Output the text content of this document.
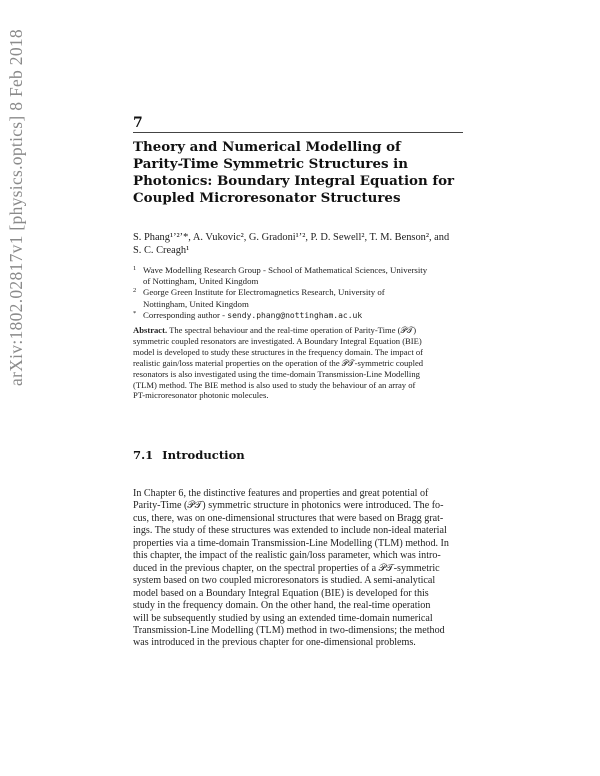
arXiv:1802.02817v1 [physics.optics] 8 Feb 2018	7
Theory and Numerical Modelling of
Parity-Time Symmetric Structures in
Photonics: Boundary Integral Equation for
Coupled Microresonator Structures
S. Phang¹ʼ²ʼ*, A. Vukovic², G. Gradoni¹ʼ², P. D. Sewell², T. M. Benson², and
S. C. Creagh¹
1 Wave Modelling Research Group - School of Mathematical Sciences, University
of Nottingham, United Kingdom
2 George Green Institute for Electromagnetics Research, University of
Nottingham, United Kingdom
* Corresponding author - sendy.phang@nottingham.ac.uk
Abstract. The spectral behaviour and the real-time operation of Parity-Time (𝒫𝒯)
symmetric coupled resonators are investigated. A Boundary Integral Equation (BIE)
model is developed to study these structures in the frequency domain. The impact of
realistic gain/loss material properties on the operation of the 𝒫𝒯-symmetric coupled
resonators is also investigated using the time-domain Transmission-Line Modelling
(TLM) method. The BIE method is also used to study the behaviour of an array of
PT-microresonator photonic molecules.
7.1 Introduction
In Chapter 6, the distinctive features and properties and great potential of
Parity-Time (𝒫𝒯) symmetric structure in photonics were introduced. The fo-
cus, there, was on one-dimensional structures that were based on Bragg grat-
ings. The study of these structures was extended to include non-ideal material
properties via a time-domain Transmission-Line Modelling (TLM) method. In
this chapter, the impact of the realistic gain/loss parameter, which was intro-
duced in the previous chapter, on the spectral properties of a 𝒫𝒯-symmetric
system based on two coupled microresonators is studied. A semi-analytical
model based on a Boundary Integral Equation (BIE) is developed for this
study in the frequency domain. On the other hand, the real-time operation
will be subsequently studied by using an extended time-domain numerical
Transmission-Line Modelling (TLM) method in two-dimensions; the method
was introduced in the previous chapter for one-dimensional problems.
